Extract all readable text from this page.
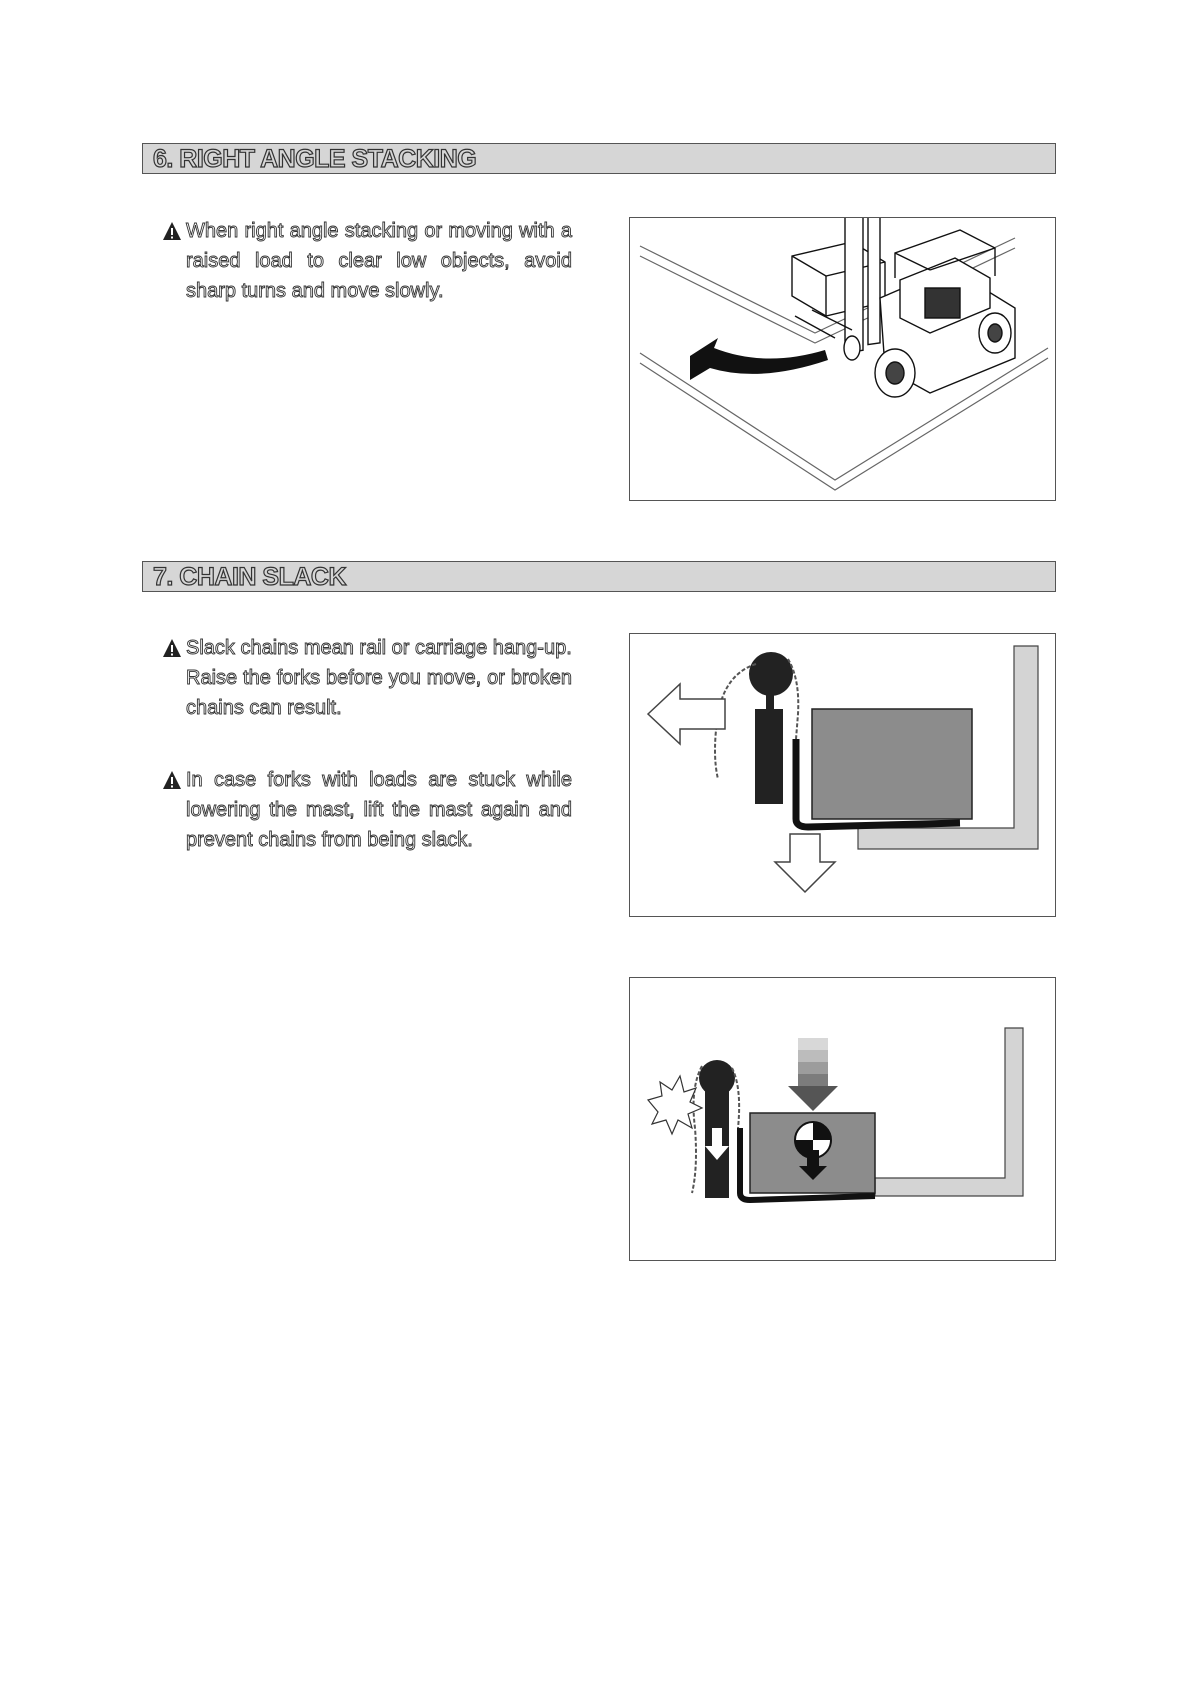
6. RIGHT ANGLE STACKING
When right angle stacking or moving with a raised load to clear low objects, avoid sharp turns and move slowly.
7. CHAIN SLACK
Slack chains mean rail or carriage hang-up.
Raise the forks before you move, or broken chains can result.
In case forks with loads are stuck while lowering the mast, lift the mast again and prevent chains from being slack.
